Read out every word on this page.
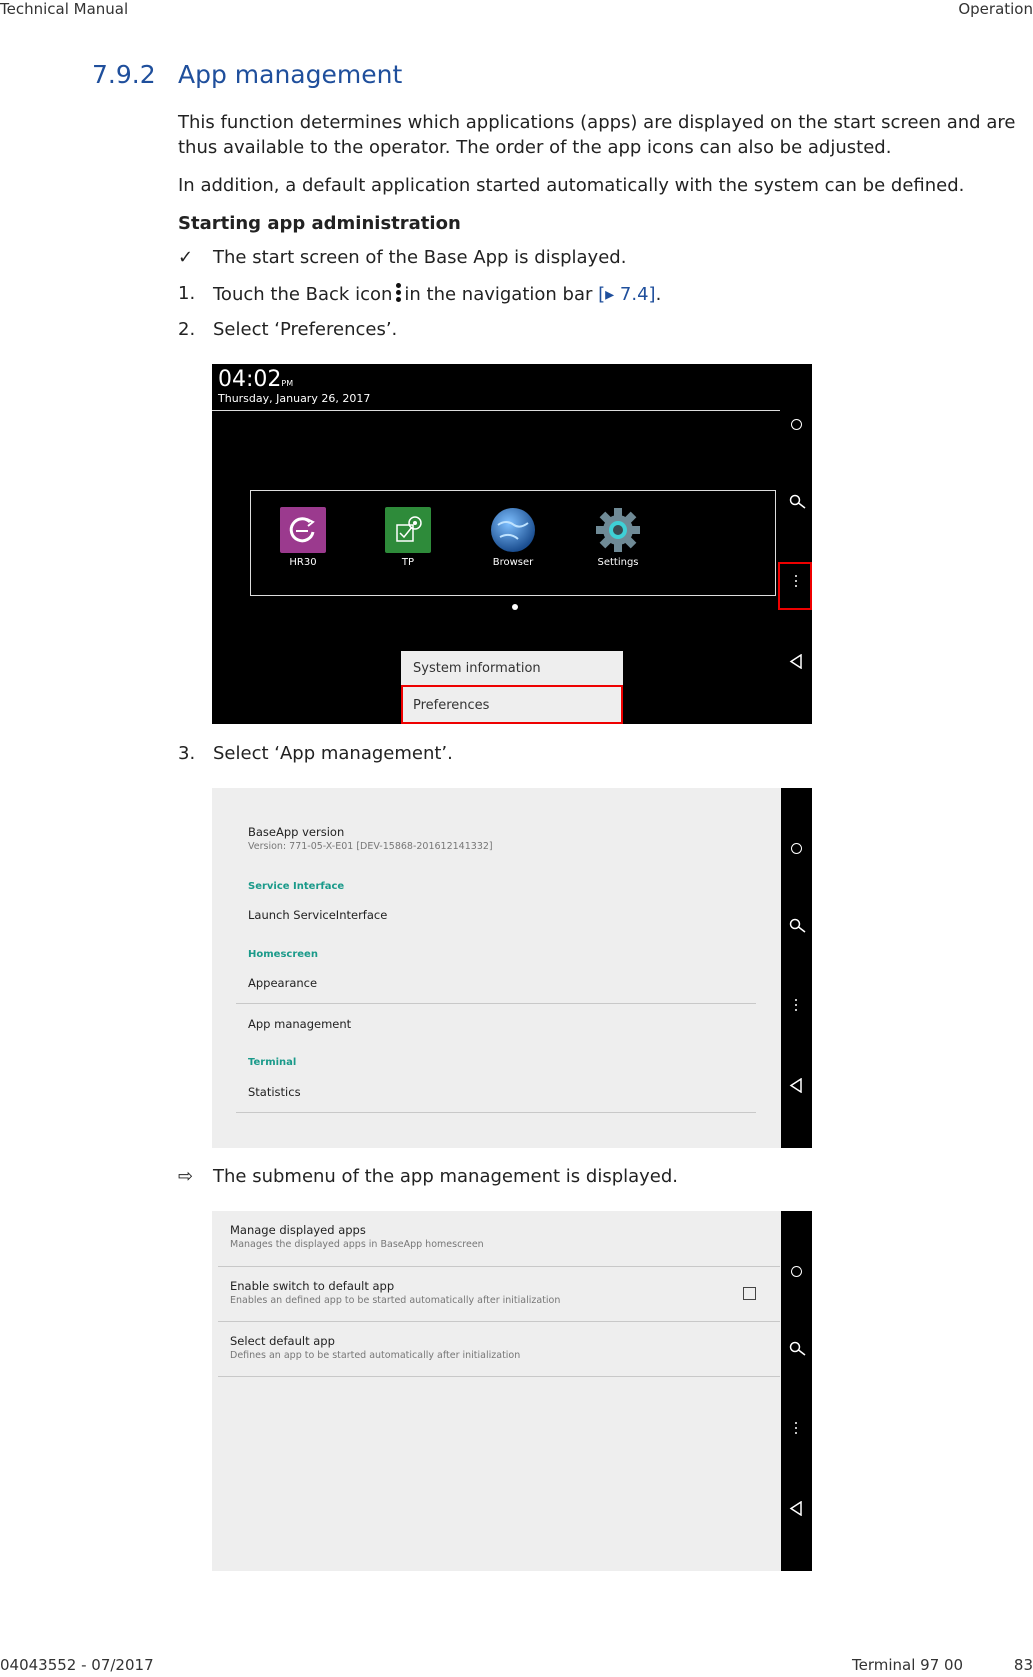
Technical Manual	Operation
7.9.2 App management
This function determines which applications (apps) are displayed on the start screen and are thus available to the operator. The order of the app icons can also be adjusted.
In addition, a default application started automatically with the system can be defined.
Starting app administration
✓ The start screen of the Base App is displayed.
1. Touch the Back icon in the navigation bar [▸ 7.4].
2. Select ‘Preferences’.
04:02PM
Thursday, January 26, 2017
HR30	TP	Browser	Settings
System information
Preferences
3. Select ‘App management’.
BaseApp version
Version: 771-05-X-E01 [DEV-15868-201612141332]
Service Interface
Launch ServiceInterface
Homescreen
Appearance
App management
Terminal
Statistics
⇨ The submenu of the app management is displayed.
Manage displayed apps
Manages the displayed apps in BaseApp homescreen
Enable switch to default app
Enables an defined app to be started automatically after initialization
Select default app
Defines an app to be started automatically after initialization
04043552 - 07/2017	Terminal 97 00	83
